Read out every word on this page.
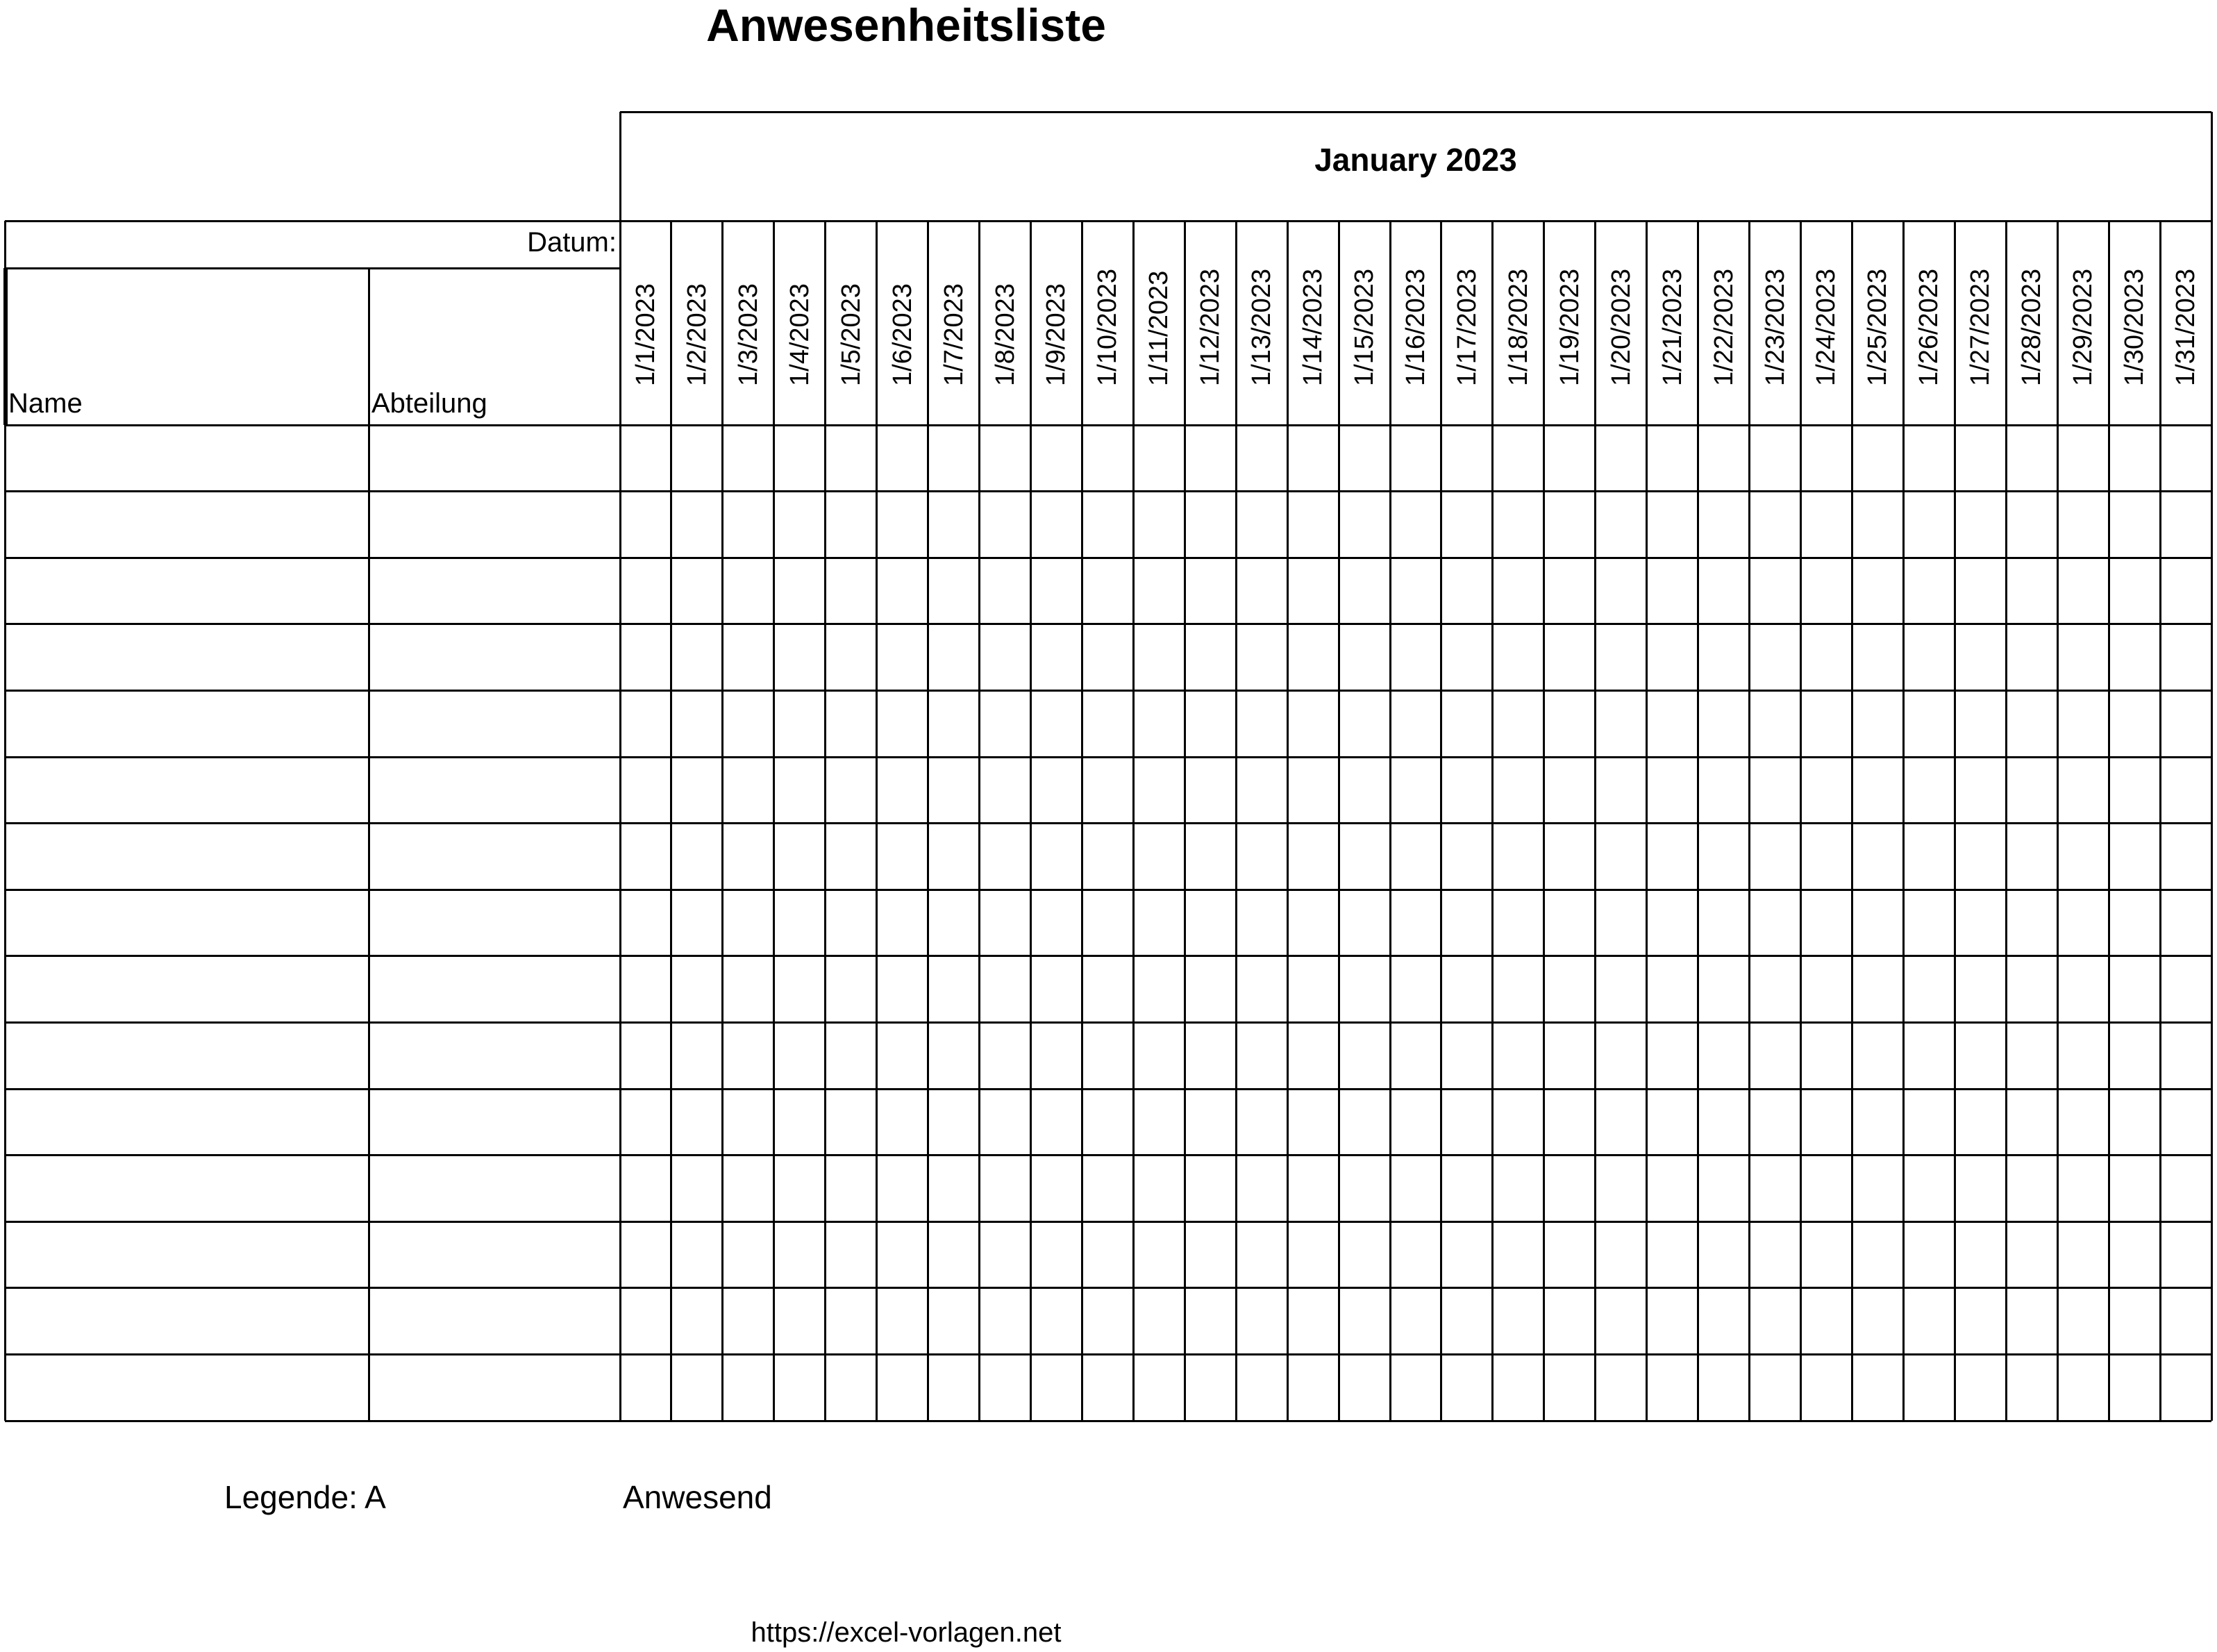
Anwesenheitsliste
January 2023
Datum:
Name	Abteilung
1/1/2023 1/2/2023 1/3/2023 1/4/2023 1/5/2023 1/6/2023 1/7/2023 1/8/2023 1/9/2023 1/10/2023 1/11/2023 1/12/2023 1/13/2023 1/14/2023 1/15/2023 1/16/2023 1/17/2023 1/18/2023 1/19/2023 1/20/2023 1/21/2023 1/22/2023 1/23/2023 1/24/2023 1/25/2023 1/26/2023 1/27/2023 1/28/2023 1/29/2023 1/30/2023 1/31/2023
Legende: A	Anwesend
https://excel-vorlagen.net
